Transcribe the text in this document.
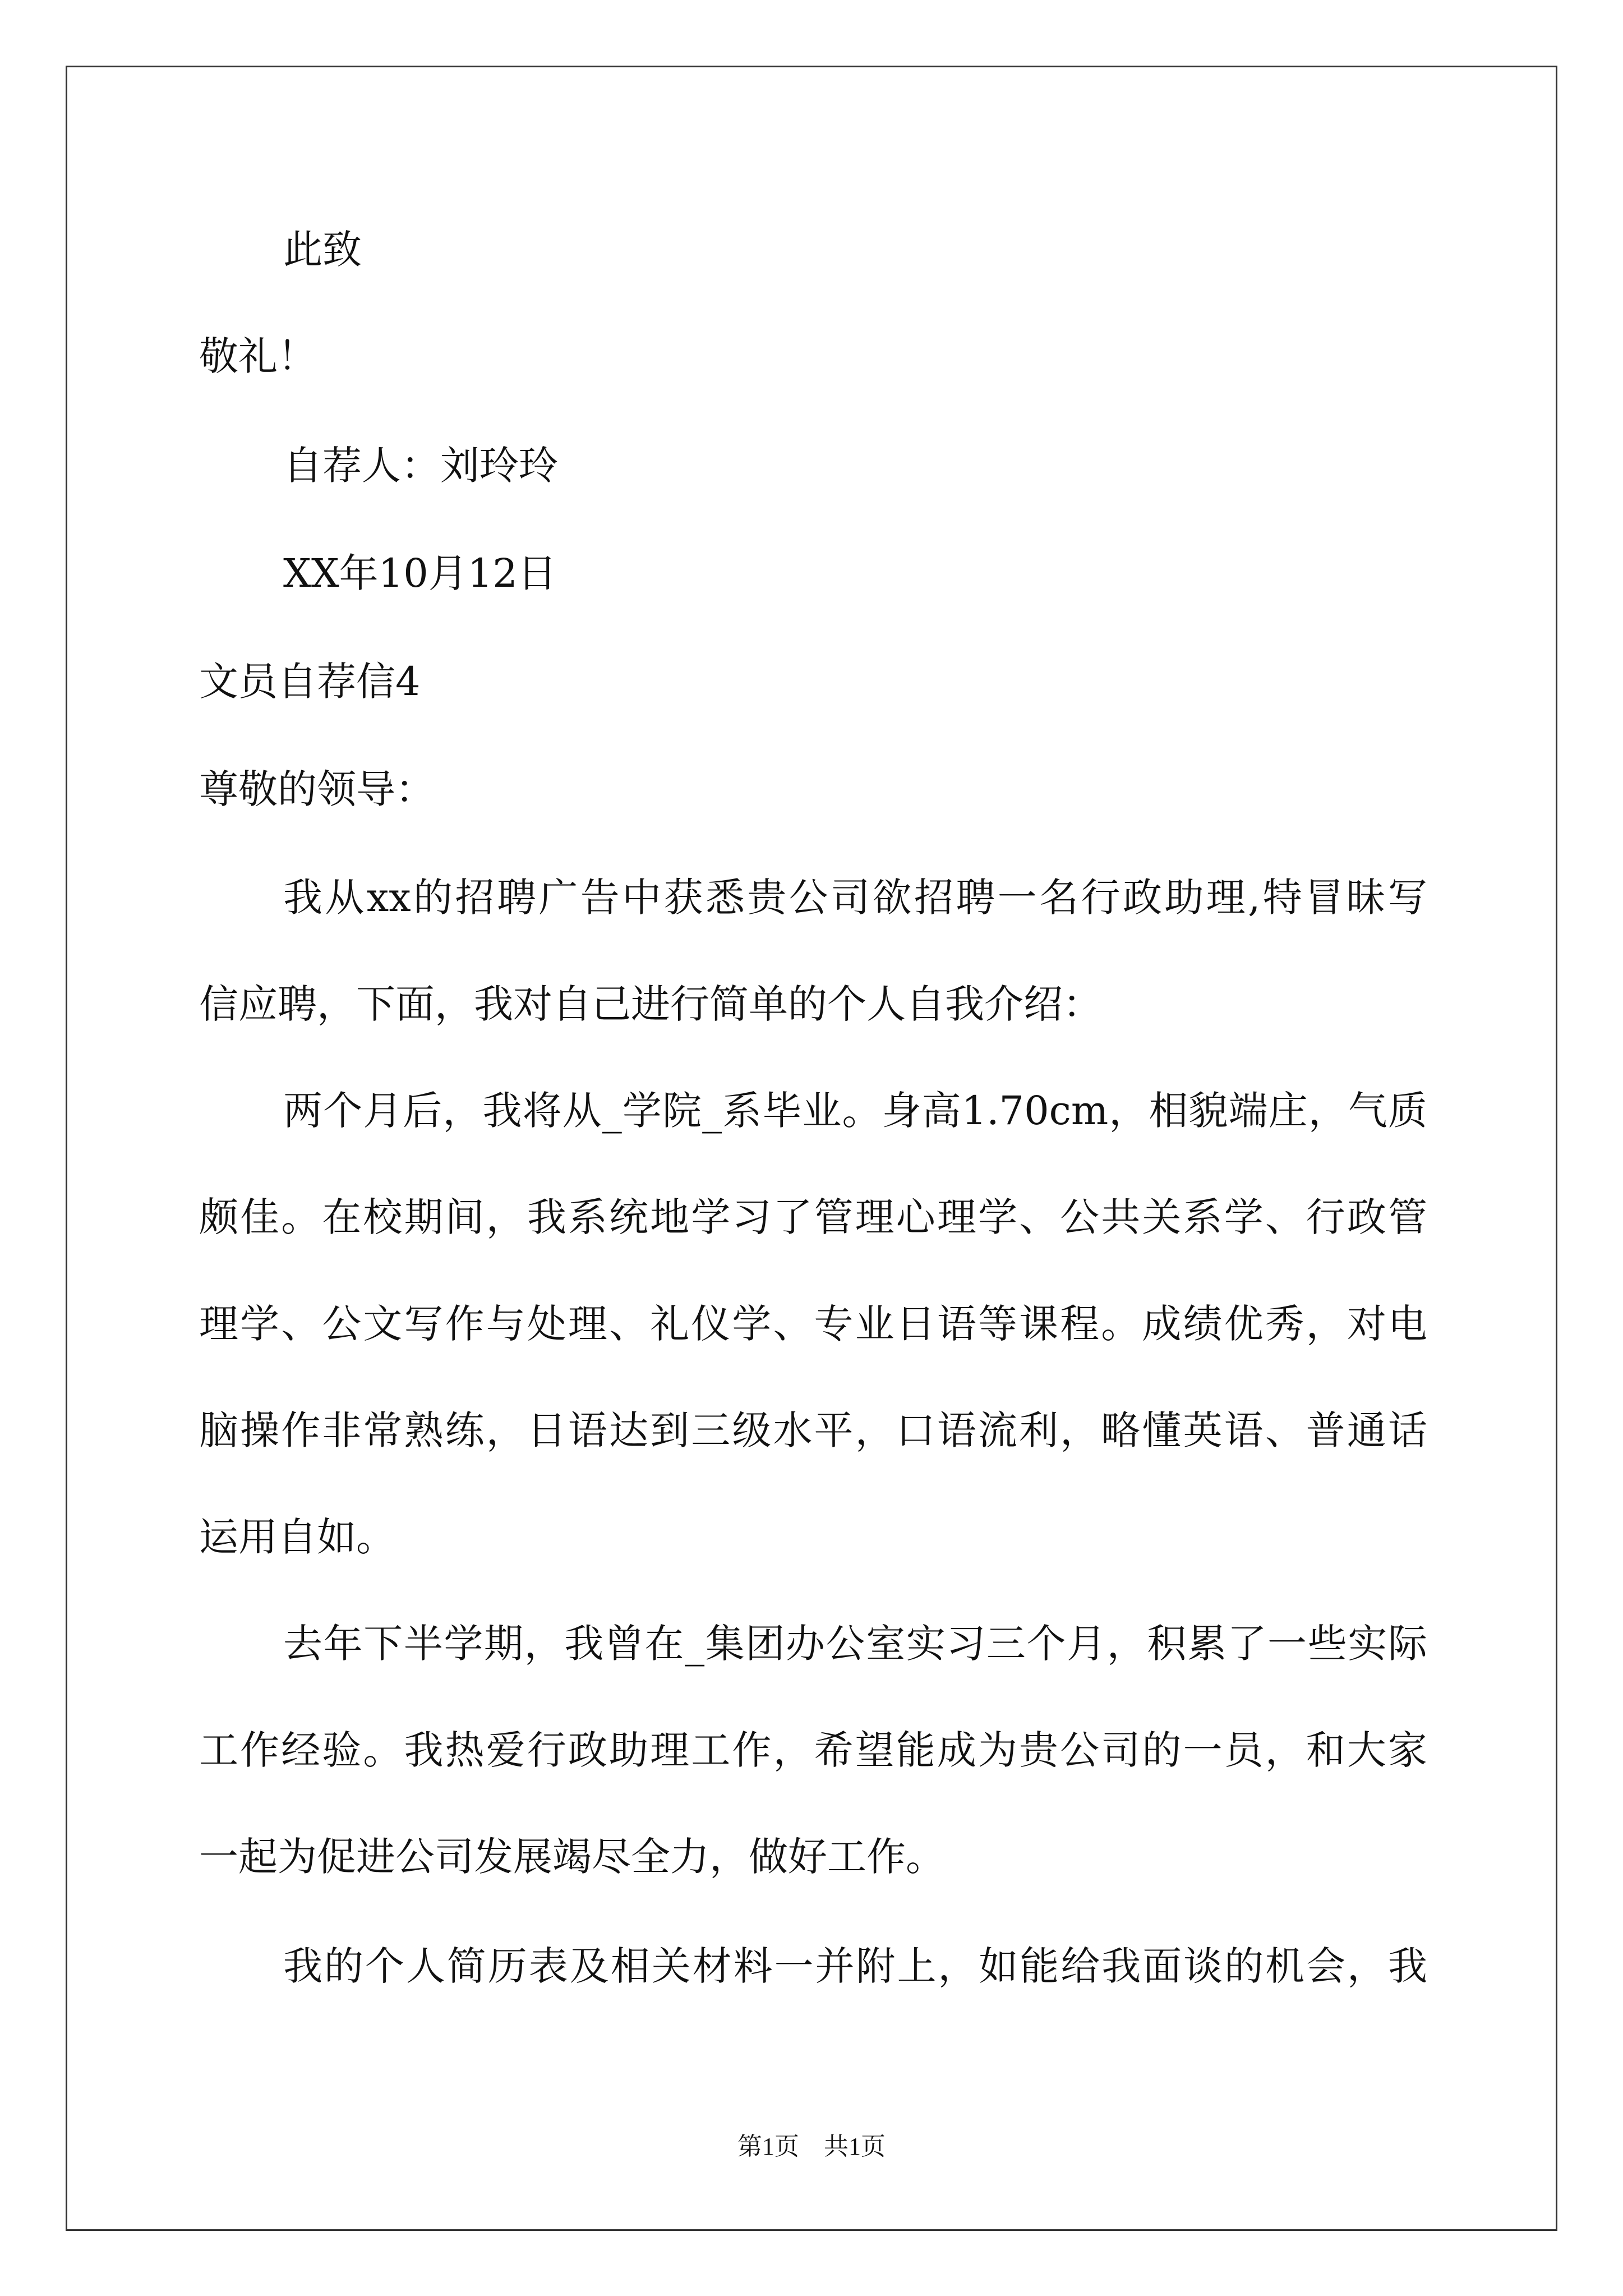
此致
敬礼！
自荐人：刘玲玲
XX年10月12日
文员自荐信4
尊敬的领导：
我从xx的招聘广告中获悉贵公司欲招聘一名行政助理,特冒昧写
信应聘，下面，我对自己进行简单的个人自我介绍：
两个月后，我将从_学院_系毕业。身高1.70cm，相貌端庄，气质
颇佳。在校期间，我系统地学习了管理心理学、公共关系学、行政管
理学、公文写作与处理、礼仪学、专业日语等课程。成绩优秀，对电
脑操作非常熟练，日语达到三级水平，口语流利，略懂英语、普通话
运用自如。
去年下半学期，我曾在_集团办公室实习三个月，积累了一些实际
工作经验。我热爱行政助理工作，希望能成为贵公司的一员，和大家
一起为促进公司发展竭尽全力，做好工作。
我的个人简历表及相关材料一并附上，如能给我面谈的机会，我
第1页　共1页
